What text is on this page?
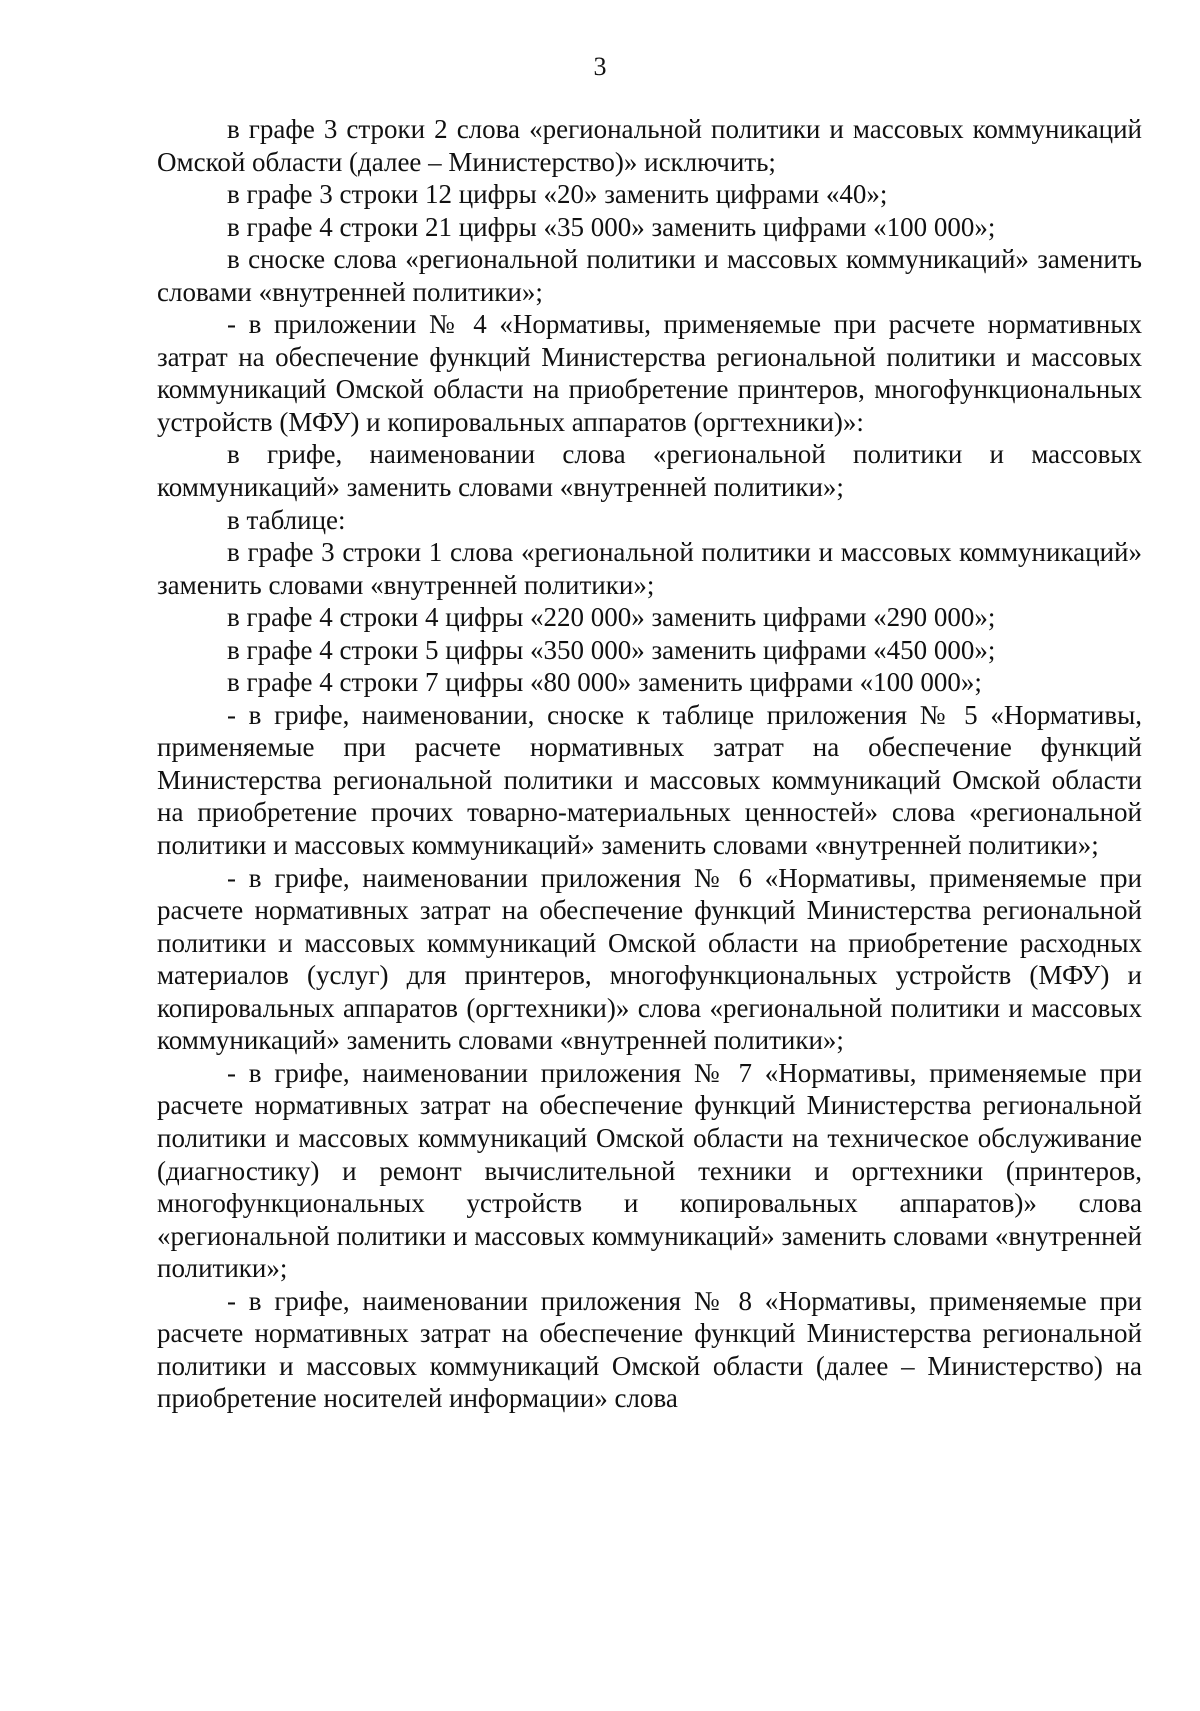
3

в графе 3 строки 2 слова «региональной политики и массовых коммуникаций Омской области (далее – Министерство)» исключить;

в графе 3 строки 12 цифры «20» заменить цифрами «40»;

в графе 4 строки 21 цифры «35 000» заменить цифрами «100 000»;

в сноске слова «региональной политики и массовых коммуникаций» заменить словами «внутренней политики»;

- в приложении № 4 «Нормативы, применяемые при расчете нормативных затрат на обеспечение функций Министерства региональной политики и массовых коммуникаций Омской области на приобретение принтеров, многофункциональных устройств (МФУ) и копировальных аппаратов (оргтехники)»:

в грифе, наименовании слова «региональной политики и массовых коммуникаций» заменить словами «внутренней политики»;

в таблице:

в графе 3 строки 1 слова «региональной политики и массовых коммуникаций» заменить словами «внутренней политики»;

в графе 4 строки 4 цифры «220 000» заменить цифрами «290 000»;

в графе 4 строки 5 цифры «350 000» заменить цифрами «450 000»;

в графе 4 строки 7 цифры «80 000» заменить цифрами «100 000»;

- в грифе, наименовании, сноске к таблице приложения № 5 «Нормативы, применяемые при расчете нормативных затрат на обеспечение функций Министерства региональной политики и массовых коммуникаций Омской области на приобретение прочих товарно-материальных ценностей» слова «региональной политики и массовых коммуникаций» заменить словами «внутренней политики»;

- в грифе, наименовании приложения № 6 «Нормативы, применяемые при расчете нормативных затрат на обеспечение функций Министерства региональной политики и массовых коммуникаций Омской области на приобретение расходных материалов (услуг) для принтеров, многофункциональных устройств (МФУ) и копировальных аппаратов (оргтехники)» слова «региональной политики и массовых коммуникаций» заменить словами «внутренней политики»;

- в грифе, наименовании приложения № 7 «Нормативы, применяемые при расчете нормативных затрат на обеспечение функций Министерства региональной политики и массовых коммуникаций Омской области на техническое обслуживание (диагностику) и ремонт вычислительной техники и оргтехники (принтеров, многофункциональных устройств и копировальных аппаратов)» слова «региональной политики и массовых коммуникаций» заменить словами «внутренней политики»;

- в грифе, наименовании приложения № 8 «Нормативы, применяемые при расчете нормативных затрат на обеспечение функций Министерства региональной политики и массовых коммуникаций Омской области (далее – Министерство) на приобретение носителей информации» слова
